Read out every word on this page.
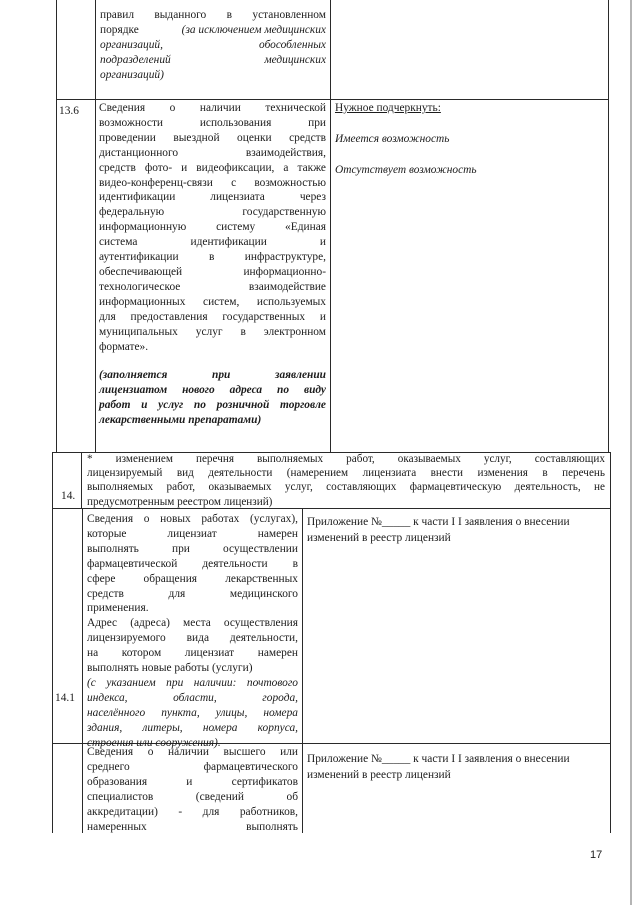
правил выданного в установленном
порядке	(за исключением медицинских
организаций, обособленных
подразделений медицинских
организаций)
13.6 Сведения о наличии технической
возможности использования при
проведении выездной оценки средств
дистанционного взаимодействия,
средств фото- и видеофиксации, а также
видео-конференц-связи с возможностью
идентификации лицензиата через
федеральную государственную
информационную систему «Единая
система идентификации и
аутентификации в инфраструктуре,
обеспечивающей информационно-
технологическое взаимодействие
информационных систем, используемых
для предоставления государственных и
муниципальных услуг в электронном
формате».
(заполняется при заявлении
лицензиатом нового адреса по виду
работ и услуг по розничной торговле
лекарственными препаратами)
Нужное подчеркнуть:
Имеется возможность
Отсутствует возможность
14.
* изменением перечня выполняемых работ, оказываемых услуг, составляющих
лицензируемый вид деятельности (намерением лицензиата внести изменения в перечень
выполняемых работ, оказываемых услуг, составляющих фармацевтическую деятельность, не
предусмотренным реестром лицензий)
14.1
Сведения о новых работах (услугах),
которые лицензиат намерен
выполнять при осуществлении
фармацевтической деятельности в
сфере обращения лекарственных
средств для медицинского
применения.
Адрес (адреса) места осуществления
лицензируемого вида деятельности,
на котором лицензиат намерен
выполнять новые работы (услуги)
(с указанием при наличии: почтового
индекса, области, города,
населённого пункта, улицы, номера
здания, литеры, номера корпуса,
строения или сооружения).
Приложение №_____ к части I I заявления о внесении
изменений в реестр лицензий
Сведения о наличии высшего или
среднего фармацевтического
образования и сертификатов
специалистов (сведений об
аккредитации) - для работников,
намеренных выполнять
Приложение №_____ к части I I заявления о внесении
изменений в реестр лицензий
17
